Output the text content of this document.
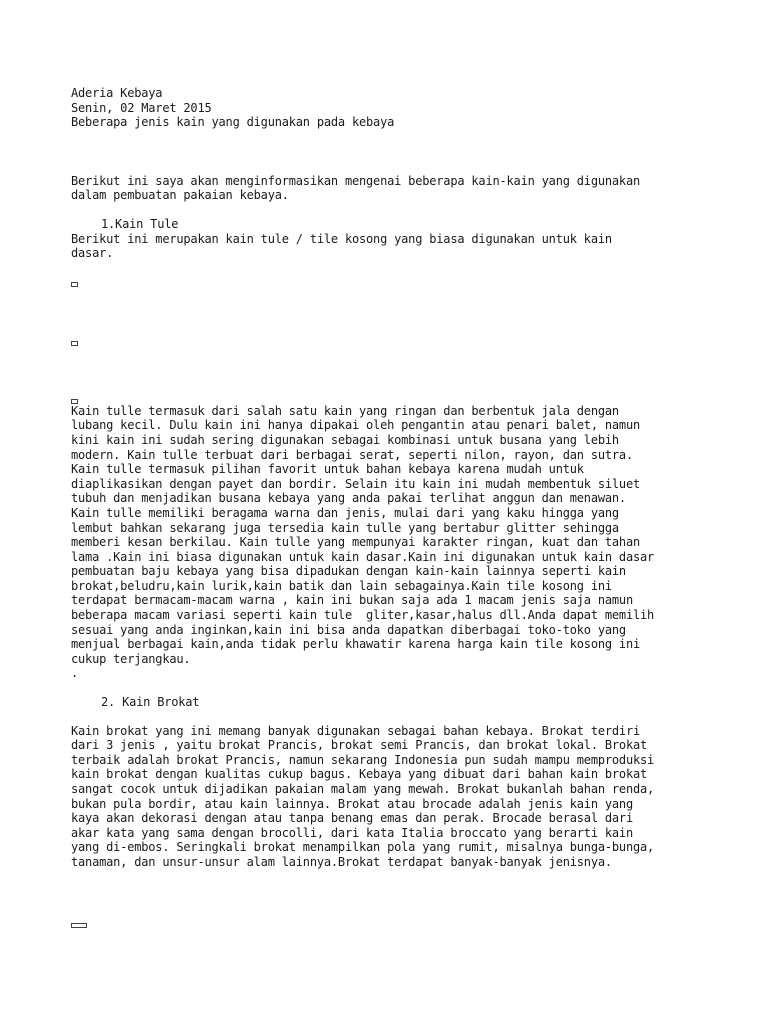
Aderia Kebaya
Senin, 02 Maret 2015
Beberapa jenis kain yang digunakan pada kebaya
Berikut ini saya akan menginformasikan mengenai beberapa kain-kain yang digunakan
dalam pembuatan pakaian kebaya.
1.Kain Tule
Berikut ini merupakan kain tule / tile kosong yang biasa digunakan untuk kain
dasar.
Kain tulle termasuk dari salah satu kain yang ringan dan berbentuk jala dengan
lubang kecil. Dulu kain ini hanya dipakai oleh pengantin atau penari balet, namun
kini kain ini sudah sering digunakan sebagai kombinasi untuk busana yang lebih
modern. Kain tulle terbuat dari berbagai serat, seperti nilon, rayon, dan sutra.
Kain tulle termasuk pilihan favorit untuk bahan kebaya karena mudah untuk
diaplikasikan dengan payet dan bordir. Selain itu kain ini mudah membentuk siluet
tubuh dan menjadikan busana kebaya yang anda pakai terlihat anggun dan menawan.
Kain tulle memiliki beragama warna dan jenis, mulai dari yang kaku hingga yang
lembut bahkan sekarang juga tersedia kain tulle yang bertabur glitter sehingga
memberi kesan berkilau. Kain tulle yang mempunyai karakter ringan, kuat dan tahan
lama .Kain ini biasa digunakan untuk kain dasar.Kain ini digunakan untuk kain dasar
pembuatan baju kebaya yang bisa dipadukan dengan kain-kain lainnya seperti kain
brokat,beludru,kain lurik,kain batik dan lain sebagainya.Kain tile kosong ini
terdapat bermacam-macam warna , kain ini bukan saja ada 1 macam jenis saja namun
beberapa macam variasi seperti kain tule  gliter,kasar,halus dll.Anda dapat memilih
sesuai yang anda inginkan,kain ini bisa anda dapatkan diberbagai toko-toko yang
menjual berbagai kain,anda tidak perlu khawatir karena harga kain tile kosong ini
cukup terjangkau.
.
2. Kain Brokat
Kain brokat yang ini memang banyak digunakan sebagai bahan kebaya. Brokat terdiri
dari 3 jenis , yaitu brokat Prancis, brokat semi Prancis, dan brokat lokal. Brokat
terbaik adalah brokat Prancis, namun sekarang Indonesia pun sudah mampu memproduksi
kain brokat dengan kualitas cukup bagus. Kebaya yang dibuat dari bahan kain brokat
sangat cocok untuk dijadikan pakaian malam yang mewah. Brokat bukanlah bahan renda,
bukan pula bordir, atau kain lainnya. Brokat atau brocade adalah jenis kain yang
kaya akan dekorasi dengan atau tanpa benang emas dan perak. Brocade berasal dari
akar kata yang sama dengan brocolli, dari kata Italia broccato yang berarti kain
yang di-embos. Seringkali brokat menampilkan pola yang rumit, misalnya bunga-bunga,
tanaman, dan unsur-unsur alam lainnya.Brokat terdapat banyak-banyak jenisnya.
